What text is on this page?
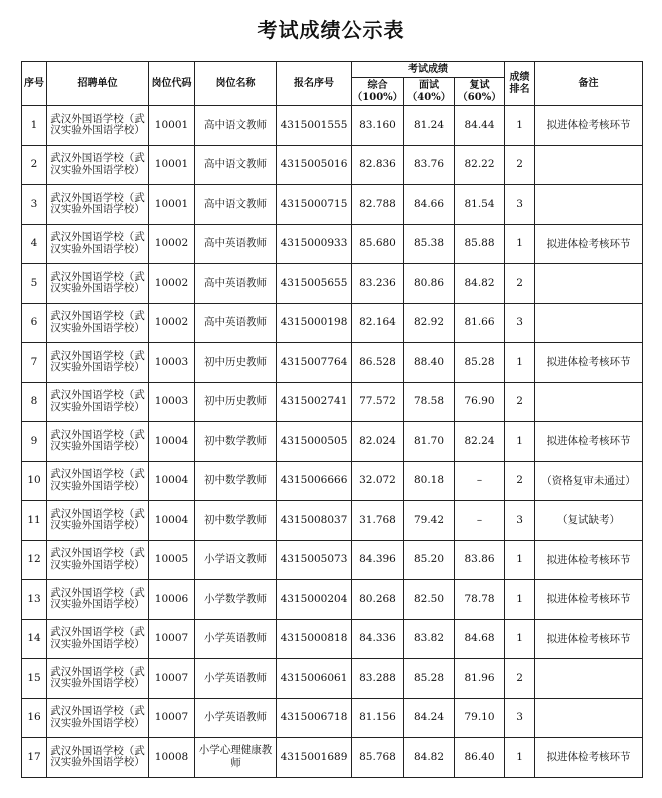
考试成绩公示表
序号	招聘单位	岗位代码	岗位名称	报名序号	考试成绩			成绩排名	备注
					综合（100%）	面试（40%）	复试（60%）		
1	武汉外国语学校（武汉实验外国语学校）	10001	高中语文教师	4315001555	83.160	81.24	84.44	1	拟进体检考核环节
2	武汉外国语学校（武汉实验外国语学校）	10001	高中语文教师	4315005016	82.836	83.76	82.22	2	
3	武汉外国语学校（武汉实验外国语学校）	10001	高中语文教师	4315000715	82.788	84.66	81.54	3	
4	武汉外国语学校（武汉实验外国语学校）	10002	高中英语教师	4315000933	85.680	85.38	85.88	1	拟进体检考核环节
5	武汉外国语学校（武汉实验外国语学校）	10002	高中英语教师	4315005655	83.236	80.86	84.82	2	
6	武汉外国语学校（武汉实验外国语学校）	10002	高中英语教师	4315000198	82.164	82.92	81.66	3	
7	武汉外国语学校（武汉实验外国语学校）	10003	初中历史教师	4315007764	86.528	88.40	85.28	1	拟进体检考核环节
8	武汉外国语学校（武汉实验外国语学校）	10003	初中历史教师	4315002741	77.572	78.58	76.90	2	
9	武汉外国语学校（武汉实验外国语学校）	10004	初中数学教师	4315000505	82.024	81.70	82.24	1	拟进体检考核环节
10	武汉外国语学校（武汉实验外国语学校）	10004	初中数学教师	4315006666	32.072	80.18	–	2	（资格复审未通过）
11	武汉外国语学校（武汉实验外国语学校）	10004	初中数学教师	4315008037	31.768	79.42	–	3	（复试缺考）
12	武汉外国语学校（武汉实验外国语学校）	10005	小学语文教师	4315005073	84.396	85.20	83.86	1	拟进体检考核环节
13	武汉外国语学校（武汉实验外国语学校）	10006	小学数学教师	4315000204	80.268	82.50	78.78	1	拟进体检考核环节
14	武汉外国语学校（武汉实验外国语学校）	10007	小学英语教师	4315000818	84.336	83.82	84.68	1	拟进体检考核环节
15	武汉外国语学校（武汉实验外国语学校）	10007	小学英语教师	4315006061	83.288	85.28	81.96	2	
16	武汉外国语学校（武汉实验外国语学校）	10007	小学英语教师	4315006718	81.156	84.24	79.10	3	
17	武汉外国语学校（武汉实验外国语学校）	10008	小学心理健康教师	4315001689	85.768	84.82	86.40	1	拟进体检考核环节
